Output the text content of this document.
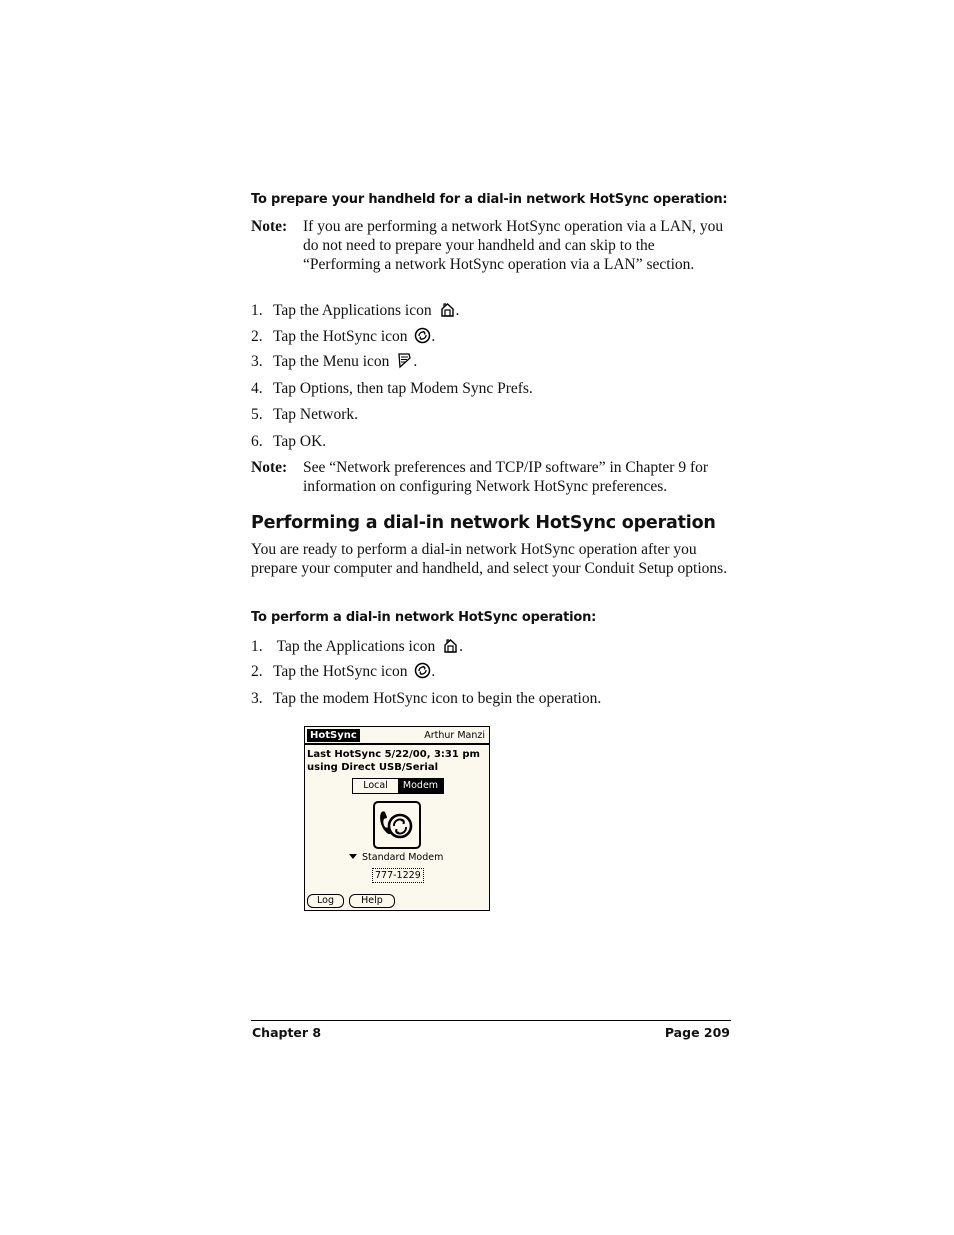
To prepare your handheld for a dial-in network HotSync operation:
Note: If you are performing a network HotSync operation via a LAN, you do not need to prepare your handheld and can skip to the “Performing a network HotSync operation via a LAN” section.
1. Tap the Applications icon
.
2. Tap the HotSync icon
.
3. Tap the Menu icon
.
4. Tap Options, then tap Modem Sync Prefs.
5. Tap Network.
6. Tap OK.
Note: See “Network preferences and TCP/IP software” in Chapter 9 for information on configuring Network HotSync preferences.
Performing a dial-in network HotSync operation
You are ready to perform a dial-in network HotSync operation after you prepare your computer and handheld, and select your Conduit Setup options.
To perform a dial-in network HotSync operation:
1. Tap the Applications icon
.
2. Tap the HotSync icon
.
3. Tap the modem HotSync icon to begin the operation.
HotSync	Arthur Manzi
Last HotSync 5/22/00, 3:31 pm
using Direct USB/Serial
Local	Modem
Standard Modem
777-1229
Log	Help
Chapter 8	Page 209
